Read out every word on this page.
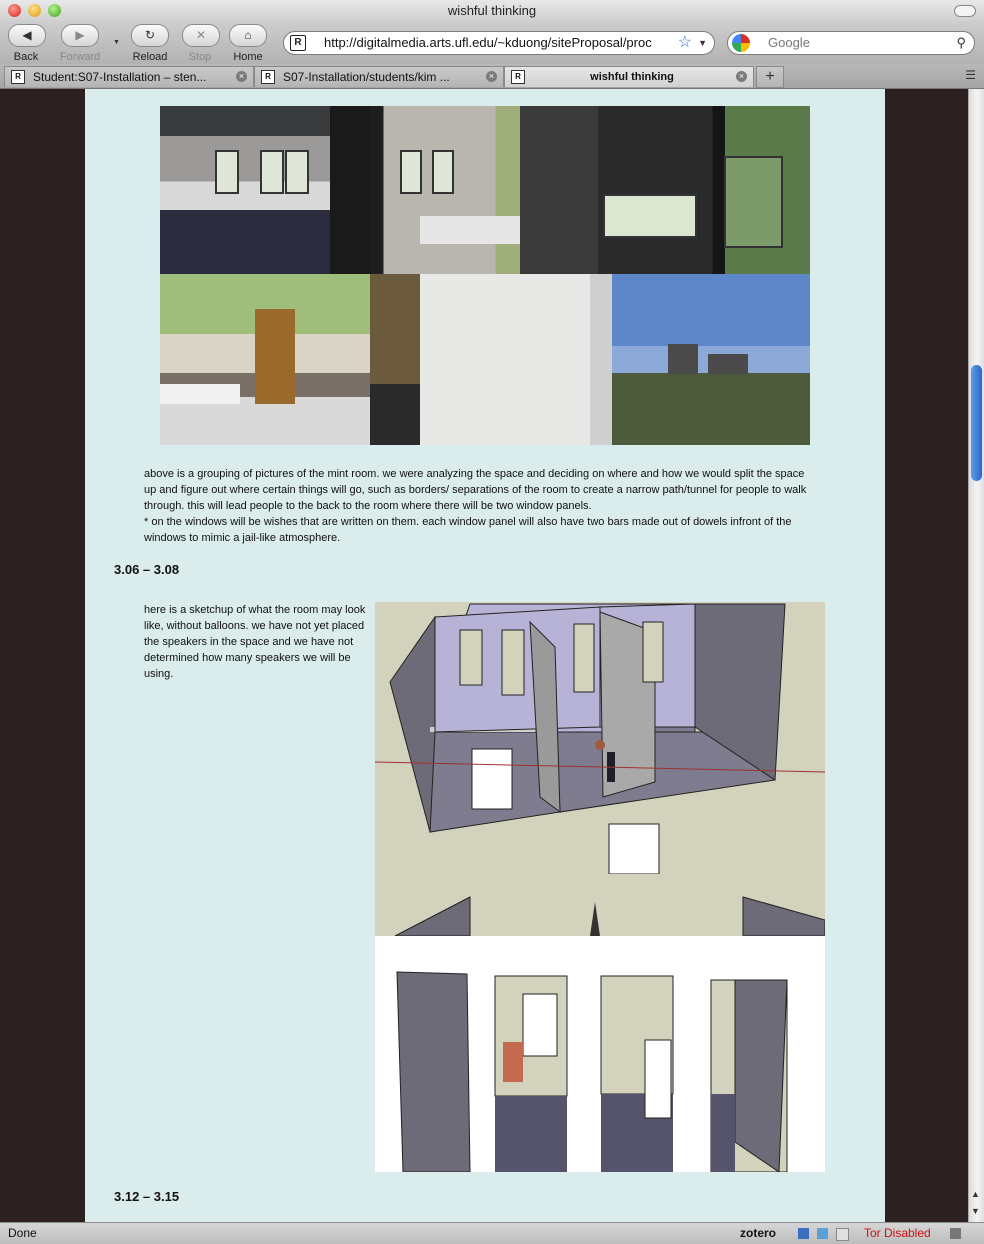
wishful thinking
◀
Back
▶
Forward
▼
↻
Reload
✕
Stop
⌂
Home
R	http://digitalmedia.arts.ufl.edu/~kduong/siteProposal/proc	☆ ▼	Google	⚲
R	Student:S07-Installation – sten...	×	R	S07-Installation/students/kim ...	×	R	wishful thinking	×	+	☰

above is a grouping of pictures of the mint room. we were analyzing the space and deciding on where and how we would split the space up and figure out where certain things will go, such as borders/ separations of the room to create a narrow path/tunnel for people to walk through. this will lead people to the back to the room where there will be two window panels.

* on the windows will be wishes that are written on them. each window panel will also have two bars made out of dowels infront of the windows to mimic a jail-like atmosphere.

3.06 – 3.08
here is a sketchup of what the room may look like, without balloons. we have not yet placed the speakers in the space and we have not determined how many speakers we will be using.
3.12 – 3.15	▲
▼
Done	zotero	Tor Disabled
